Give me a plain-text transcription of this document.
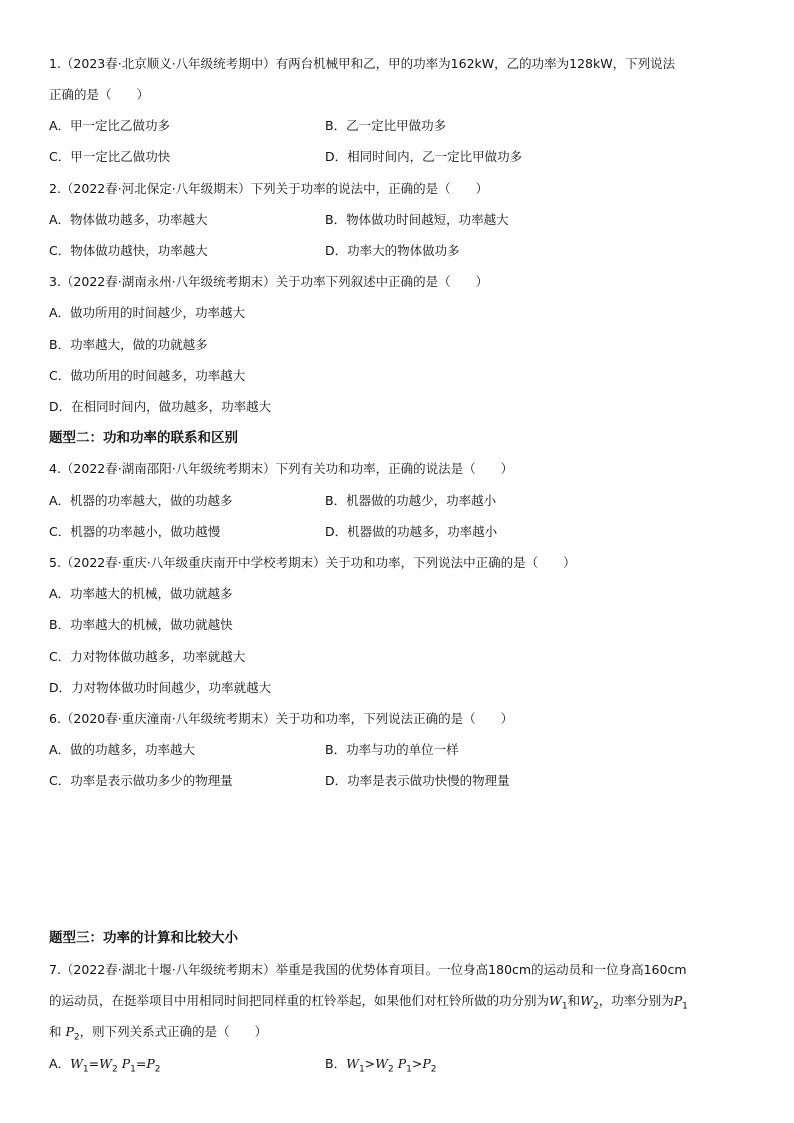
1.（2023春·北京顺义·八年级统考期中）有两台机械甲和乙，甲的功率为162kW，乙的功率为128kW，下列说法
正确的是（　　）
A．甲一定比乙做功多	B．乙一定比甲做功多
C．甲一定比乙做功快	D．相同时间内，乙一定比甲做功多
2.（2022春·河北保定·八年级期末）下列关于功率的说法中，正确的是（　　）
A．物体做功越多，功率越大	B．物体做功时间越短，功率越大
C．物体做功越快，功率越大	D．功率大的物体做功多
3.（2022春·湖南永州·八年级统考期末）关于功率下列叙述中正确的是（　　）
A．做功所用的时间越少，功率越大
B．功率越大，做的功就越多
C．做功所用的时间越多，功率越大
D．在相同时间内，做功越多，功率越大
题型二：功和功率的联系和区别
4.（2022春·湖南邵阳·八年级统考期末）下列有关功和功率，正确的说法是（　　）
A．机器的功率越大，做的功越多	B．机器做的功越少，功率越小
C．机器的功率越小，做功越慢	D．机器做的功越多，功率越小
5.（2022春·重庆·八年级重庆南开中学校考期末）关于功和功率，下列说法中正确的是（　　）
A．功率越大的机械，做功就越多
B．功率越大的机械，做功就越快
C．力对物体做功越多，功率就越大
D．力对物体做功时间越少，功率就越大
6.（2020春·重庆潼南·八年级统考期末）关于功和功率，下列说法正确的是（　　）
A．做的功越多，功率越大	B．功率与功的单位一样
C．功率是表示做功多少的物理量	D．功率是表示做功快慢的物理量
题型三：功率的计算和比较大小
7.（2022春·湖北十堰·八年级统考期末）举重是我国的优势体育项目。一位身高180cm的运动员和一位身高160cm
的运动员，在挺举项目中用相同时间把同样重的杠铃举起，如果他们对杠铃所做的功分别为$W_1$和$W_2$，功率分别为$P_1$
和 $P_2$，则下列关系式正确的是（　　）
A．$W_1=W_2$ $P_1=P_2$	B．$W_1>W_2$ $P_1>P_2$
